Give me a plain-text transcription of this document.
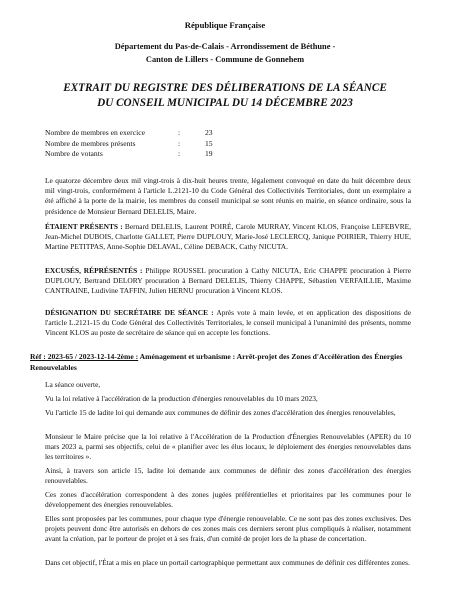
République Française
Département du Pas-de-Calais - Arrondissement de Béthune -
Canton de Lillers - Commune de Gonnehem
EXTRAIT DU REGISTRE DES DÉLIBERATIONS DE LA SÉANCE
DU CONSEIL MUNICIPAL DU 14 DÉCEMBRE 2023
Nombre de membres en exercice	:	23
Nombre de membres présents	:	15
Nombre de votants	:	19
Le quatorze décembre deux mil vingt-trois à dix-huit heures trente, légalement convoqué en date du huit décembre deux mil vingt-trois, conformément à l'article L.2121-10 du Code Général des Collectivités Territoriales, dont un exemplaire a été affiché à la porte de la mairie, les membres du conseil municipal se sont réunis en mairie, en séance ordinaire, sous la présidence de Monsieur Bernard DELELIS, Maire.
ÉTAIENT PRÉSENTS : Bernard DELELIS, Laurent POIRÉ, Carole MURRAY, Vincent KLOS, Françoise LEFEBVRE, Jean-Michel DUBOIS, Charlotte GALLET, Pierre DUPLOUY, Marie-José LECLERCQ, Janique POIRIER, Thierry HUE, Martine PETITPAS, Anne-Sophie DELAVAL, Céline DEBACK, Cathy NICUTA.
EXCUSÉS, RÉPRÉSENTÉS : Philippe ROUSSEL procuration à Cathy NICUTA, Eric CHAPPE procuration à Pierre DUPLOUY, Bertrand DELORY procuration à Bernard DELELIS, Thierry CHAPPE, Sébastien VERFAILLIE, Maxime CANTRAINE, Ludivine TAFFIN, Julien HERNU procuration à Vincent KLOS.
DÉSIGNATION DU SECRÉTAIRE DE SÉANCE : Après vote à main levée, et en application des dispositions de l'article L.2121-15 du Code Général des Collectivités Territoriales, le conseil municipal à l'unanimité des présents, nomme Vincent KLOS au poste de secrétaire de séance qui en accepte les fonctions.
Réf : 2023-65 / 2023-12-14-2ème : Aménagement et urbanisme : Arrêt-projet des Zones d'Accélération des Énergies Renouvelables
La séance ouverte,
Vu la loi relative à l'accélération de la production d'énergies renouvelables du 10 mars 2023,
Vu l'article 15 de ladite loi qui demande aux communes de définir des zones d'accélération des énergies renouvelables,
Monsieur le Maire précise que la loi relative à l'Accélération de la Production d'Énergies Renouvelables (APER) du 10 mars 2023 a, parmi ses objectifs, celui de « planifier avec les élus locaux, le déploiement des énergies renouvelables dans les territoires ».
Ainsi, à travers son article 15, ladite loi demande aux communes de définir des zones d'accélération des énergies renouvelables.
Ces zones d'accélération correspondent à des zones jugées préférentielles et prioritaires par les communes pour le développement des énergies renouvelables.
Elles sont proposées par les communes, pour chaque type d'énergie renouvelable. Ce ne sont pas des zones exclusives. Des projets peuvent donc être autorisés en dehors de ces zones mais ces derniers seront plus compliqués à réaliser, notamment avant la création, par le porteur de projet et à ses frais, d'un comité de projet lors de la phase de concertation.
Dans cet objectif, l'État a mis en place un portail cartographique permettant aux communes de définir ces différentes zones.
